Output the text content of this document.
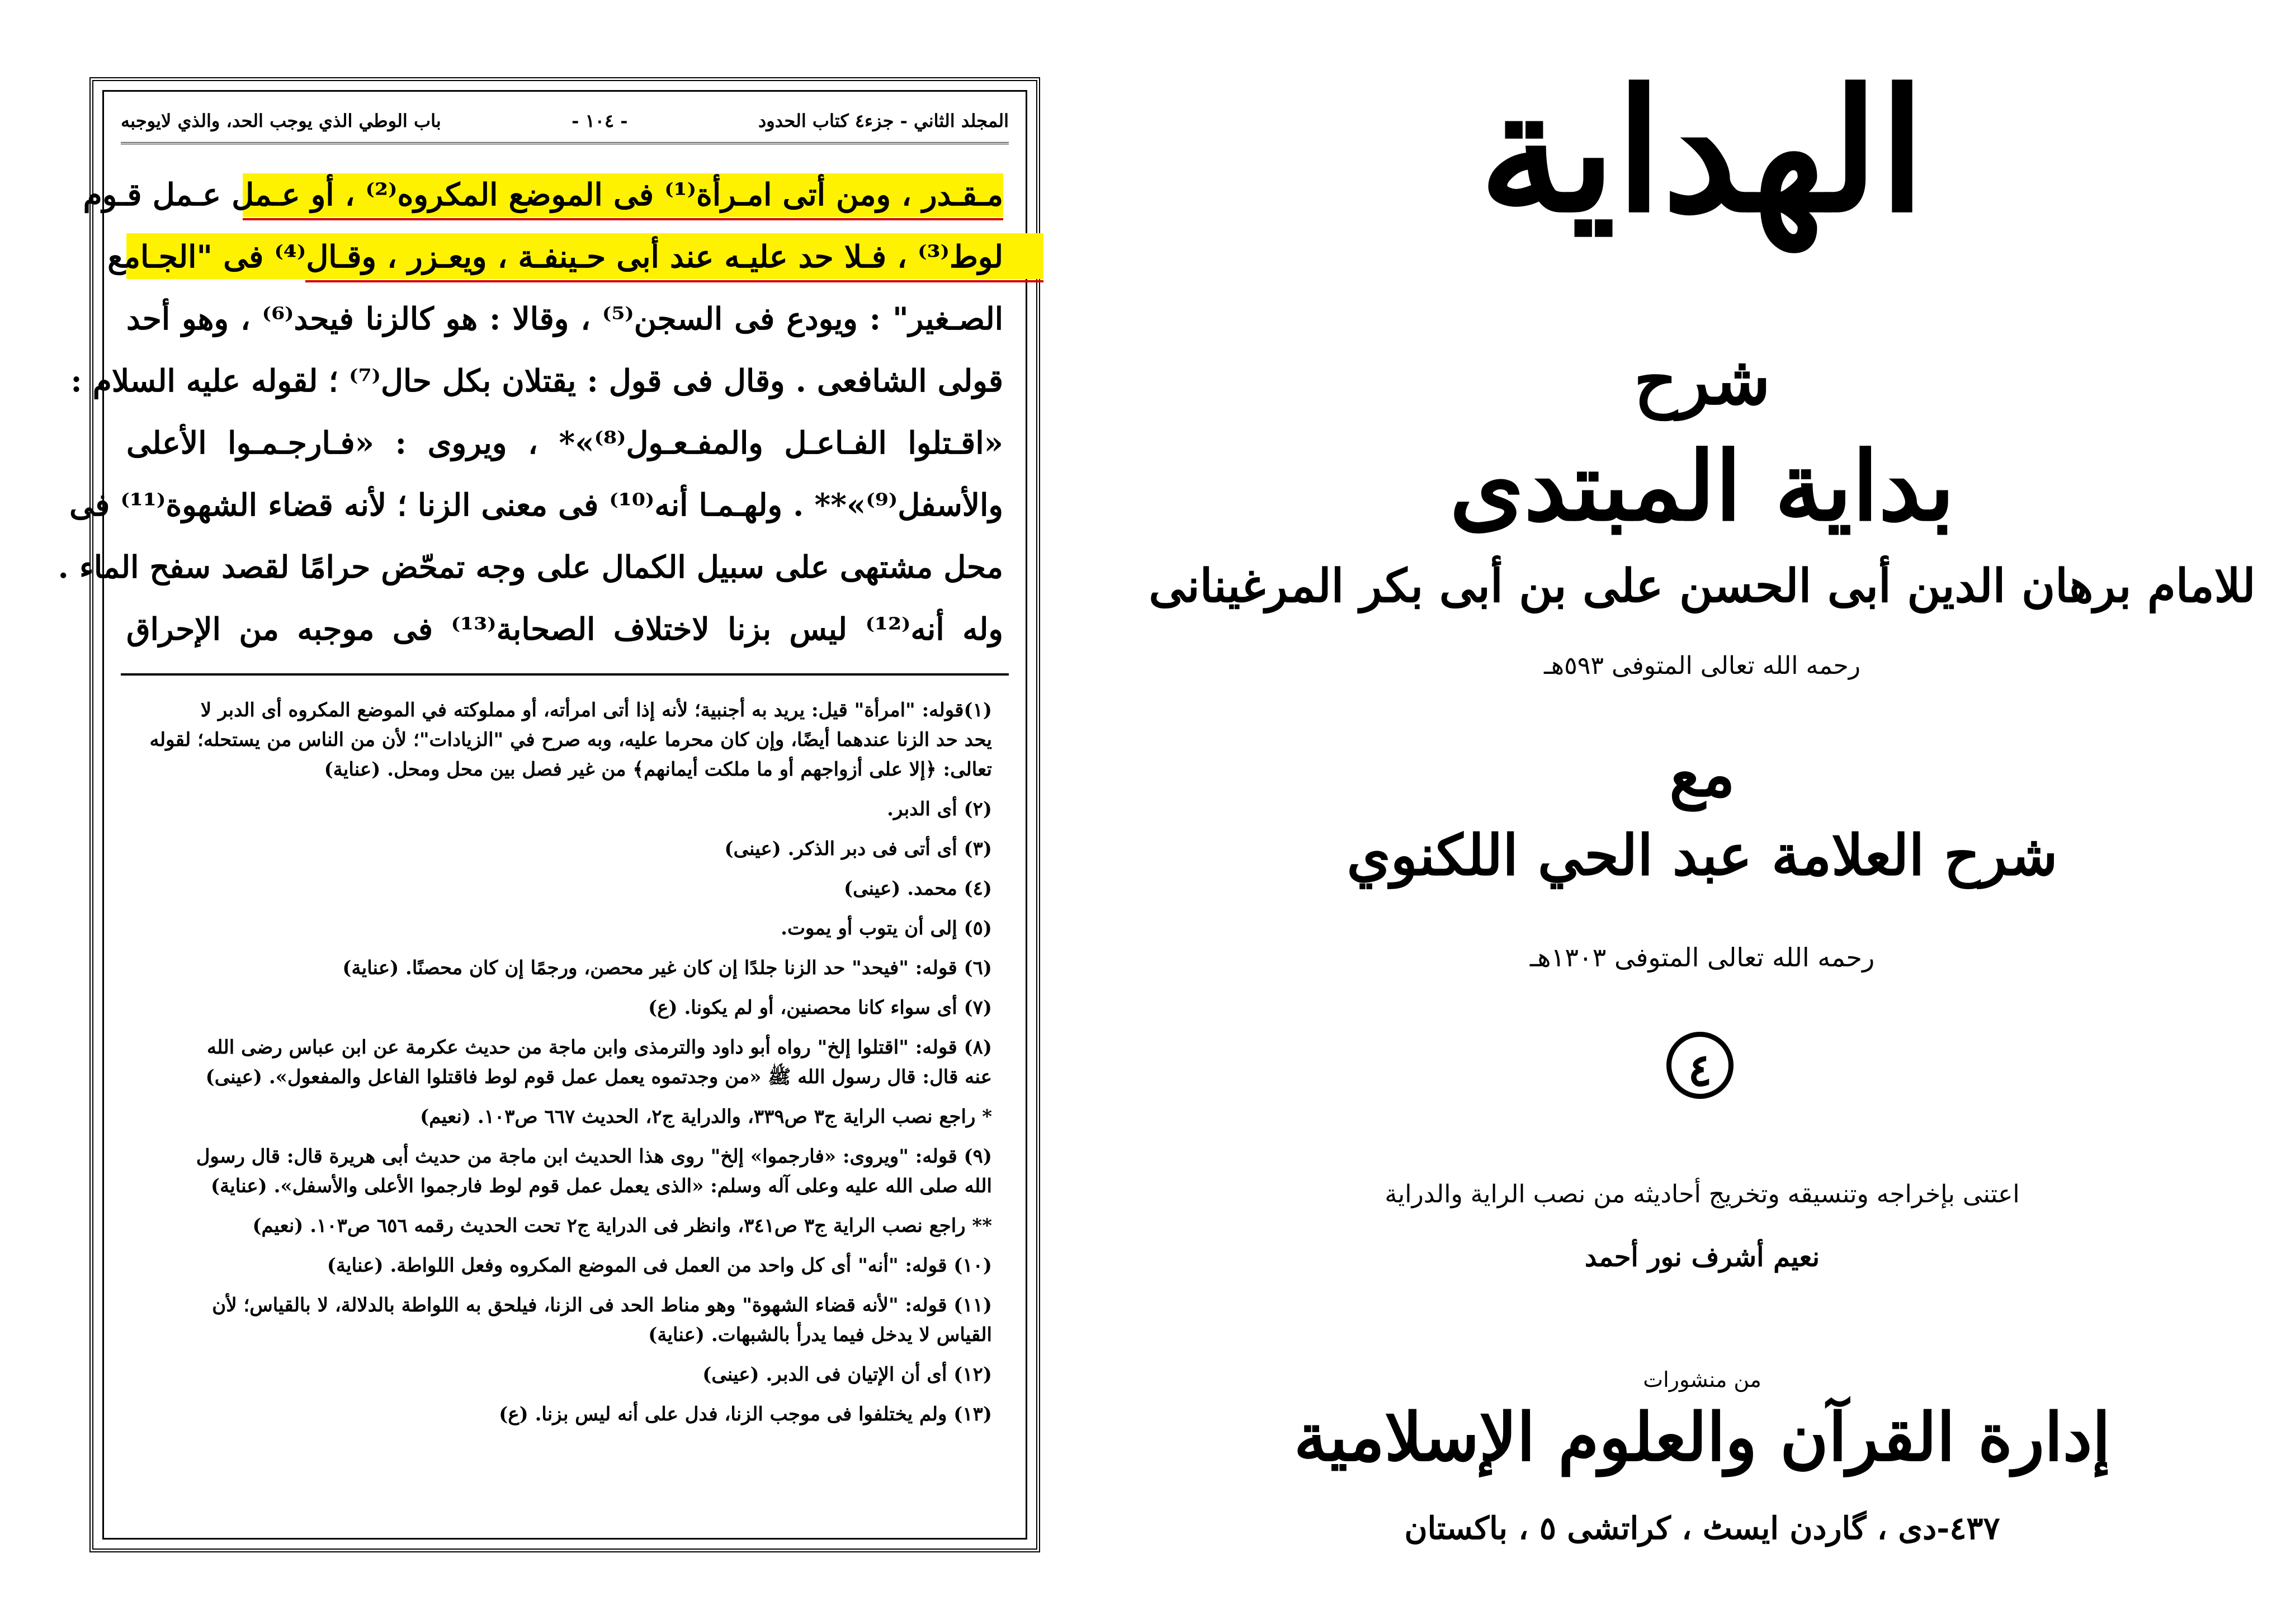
المجلد الثاني - جزء٤ كتاب الحدود
- ١٠٤ -
باب الوطي الذي يوجب الحد، والذي لايوجبه
مـقـدر ، ومن أتى امـرأة⁽¹⁾ فى الموضع المكروه⁽²⁾ ، أو عـمل عـمل قـوم
لوط⁽³⁾ ، فـلا حد عليـه عند أبى حـينفـة ، ويعـزر ، وقـال⁽⁴⁾ فى "الجـامع
الصـغير" : ويودع فى السجن⁽⁵⁾ ، وقالا : هو كالزنا فيحد⁽⁶⁾ ، وهو أحد
قولى الشافعى . وقال فى قول : يقتلان بكل حال⁽⁷⁾ ؛ لقوله عليه السلام :
«اقـتلوا الفـاعـل والمفـعـول⁽⁸⁾»* ، ويروى : «فـارجـمـوا الأعلى
والأسفل⁽⁹⁾»** . ولهـمـا أنه⁽¹⁰⁾ فى معنى الزنا ؛ لأنه قضاء الشهوة⁽¹¹⁾ فى
محل مشتهى على سبيل الكمال على وجه تمحّض حرامًا لقصد سفح الماء .
وله أنه⁽¹²⁾ ليس بزنا لاختلاف الصحابة⁽¹³⁾ فى موجبه من الإحراق
(١)قوله: "امرأة" قيل: يريد به أجنبية؛ لأنه إذا أتى امرأته، أو مملوكته في الموضع المكروه أى الدبر لا
يحد حد الزنا عندهما أيضًا، وإن كان محرما عليه، وبه صرح في "الزيادات"؛ لأن من الناس من يستحله؛ لقوله
تعالى: ﴿إلا على أزواجهم أو ما ملكت أيمانهم﴾ من غير فصل بين محل ومحل. (عناية)
(٢) أى الدبر.
(٣) أى أتى فى دبر الذكر. (عينى)
(٤) محمد. (عينى)
(٥) إلى أن يتوب أو يموت.
(٦) قوله: "فيحد" حد الزنا جلدًا إن كان غير محصن، ورجمًا إن كان محصنًا. (عناية)
(٧) أى سواء كانا محصنين، أو لم يكونا. (ع)
(٨) قوله: "اقتلوا إلخ" رواه أبو داود والترمذى وابن ماجة من حديث عكرمة عن ابن عباس رضى الله
عنه قال: قال رسول الله ﷺ «من وجدتموه يعمل عمل قوم لوط فاقتلوا الفاعل والمفعول». (عينى)
* راجع نصب الراية ج٣ ص٣٣٩، والدراية ج٢، الحديث ٦٦٧ ص١٠٣. (نعيم)
(٩) قوله: "ويروى: «فارجموا» إلخ" روى هذا الحديث ابن ماجة من حديث أبى هريرة قال: قال رسول
الله صلى الله عليه وعلى آله وسلم: «الذى يعمل عمل قوم لوط فارجموا الأعلى والأسفل». (عناية)
** راجع نصب الراية ج٣ ص٣٤١، وانظر فى الدراية ج٢ تحت الحديث رقمه ٦٥٦ ص١٠٣. (نعيم)
(١٠) قوله: "أنه" أى كل واحد من العمل فى الموضع المكروه وفعل اللواطة. (عناية)
(١١) قوله: "لأنه قضاء الشهوة" وهو مناط الحد فى الزنا، فيلحق به اللواطة بالدلالة، لا بالقياس؛ لأن
القياس لا يدخل فيما يدرأ بالشبهات. (عناية)
(١٢) أى أن الإتيان فى الدبر. (عينى)
(١٣) ولم يختلفوا فى موجب الزنا، فدل على أنه ليس بزنا. (ع)
الهداية
شرح
بداية المبتدى
للامام برهان الدين أبى الحسن على بن أبى بكر المرغينانى
رحمه الله تعالى المتوفى ٥٩٣هـ
مع
شرح العلامة عبد الحي اللكنوي
رحمه الله تعالى المتوفى ١٣٠٣هـ
اعتنى بإخراجه وتنسيقه وتخريج أحاديثه من نصب الراية والدراية
نعيم أشرف نور أحمد
من منشورات
إدارة القرآن والعلوم الإسلامية
٤٣٧-دى ، گاردن ايسٹ ، كراتشى ٥ ، باكستان
٤
